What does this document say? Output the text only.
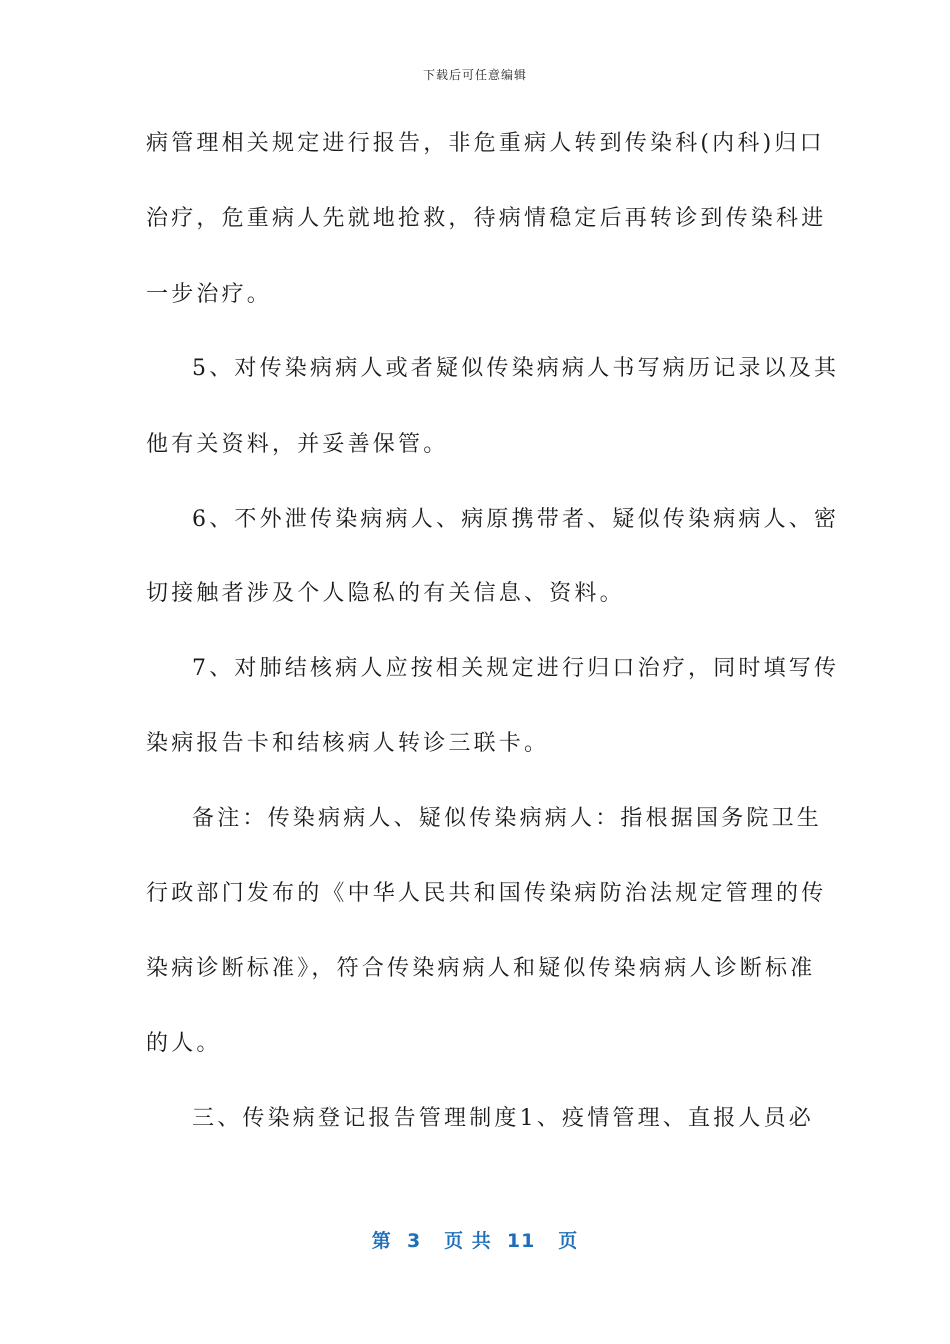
下载后可任意编辑
病管理相关规定进行报告，非危重病人转到传染科(内科)归口
治疗，危重病人先就地抢救，待病情稳定后再转诊到传染科进
一步治疗。
5、对传染病病人或者疑似传染病病人书写病历记录以及其
他有关资料，并妥善保管。
6、不外泄传染病病人、病原携带者、疑似传染病病人、密
切接触者涉及个人隐私的有关信息、资料。
7、对肺结核病人应按相关规定进行归口治疗，同时填写传
染病报告卡和结核病人转诊三联卡。
备注：传染病病人、疑似传染病病人：指根据国务院卫生
行政部门发布的《中华人民共和国传染病防治法规定管理的传
染病诊断标准》，符合传染病病人和疑似传染病病人诊断标准
的人。
三、传染病登记报告管理制度1、疫情管理、直报人员必
第  3   页 共  11   页
